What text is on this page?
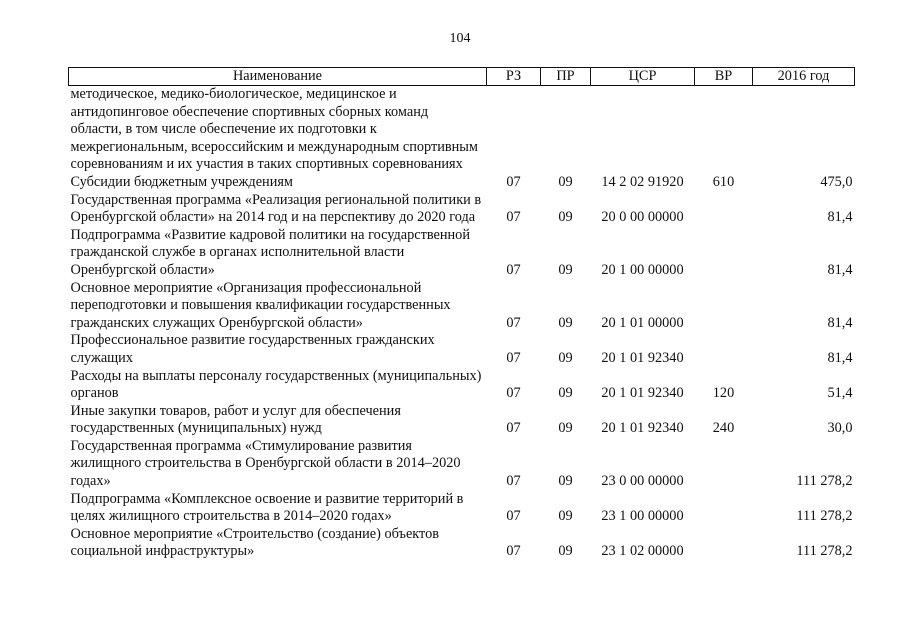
104
Наименование	РЗ	ПР	ЦСР	ВР	2016 год
методическое, медико-биологическое, медицинское и антидопинговое обеспечение спортивных сборных команд области, в том числе обеспечение их подготовки к межрегиональным, всероссийским и международным спортивным соревнованиям и их участия в таких спортивных соревнованиях					
Субсидии бюджетным учреждениям	07	09	14 2 02 91920	610	475,0
Государственная программа «Реализация региональной политики в Оренбургской области» на 2014 год и на перспективу до 2020 года	07	09	20 0 00 00000		81,4
Подпрограмма «Развитие кадровой политики на государственной гражданской службе в органах исполнительной власти Оренбургской области»	07	09	20 1 00 00000		81,4
Основное мероприятие «Организация профессиональной переподготовки и повышения квалификации государственных гражданских служащих Оренбургской области»	07	09	20 1 01 00000		81,4
Профессиональное развитие государственных гражданских служащих	07	09	20 1 01 92340		81,4
Расходы на выплаты персоналу государственных (муниципальных) органов	07	09	20 1 01 92340	120	51,4
Иные закупки товаров, работ и услуг для обеспечения государственных (муниципальных) нужд	07	09	20 1 01 92340	240	30,0
Государственная программа «Стимулирование развития жилищного строительства в Оренбургской области в 2014–2020 годах»	07	09	23 0 00 00000		111 278,2
Подпрограмма «Комплексное освоение и развитие территорий в целях жилищного строительства в 2014–2020 годах»	07	09	23 1 00 00000		111 278,2
Основное мероприятие «Строительство (создание) объектов социальной инфраструктуры»	07	09	23 1 02 00000		111 278,2
